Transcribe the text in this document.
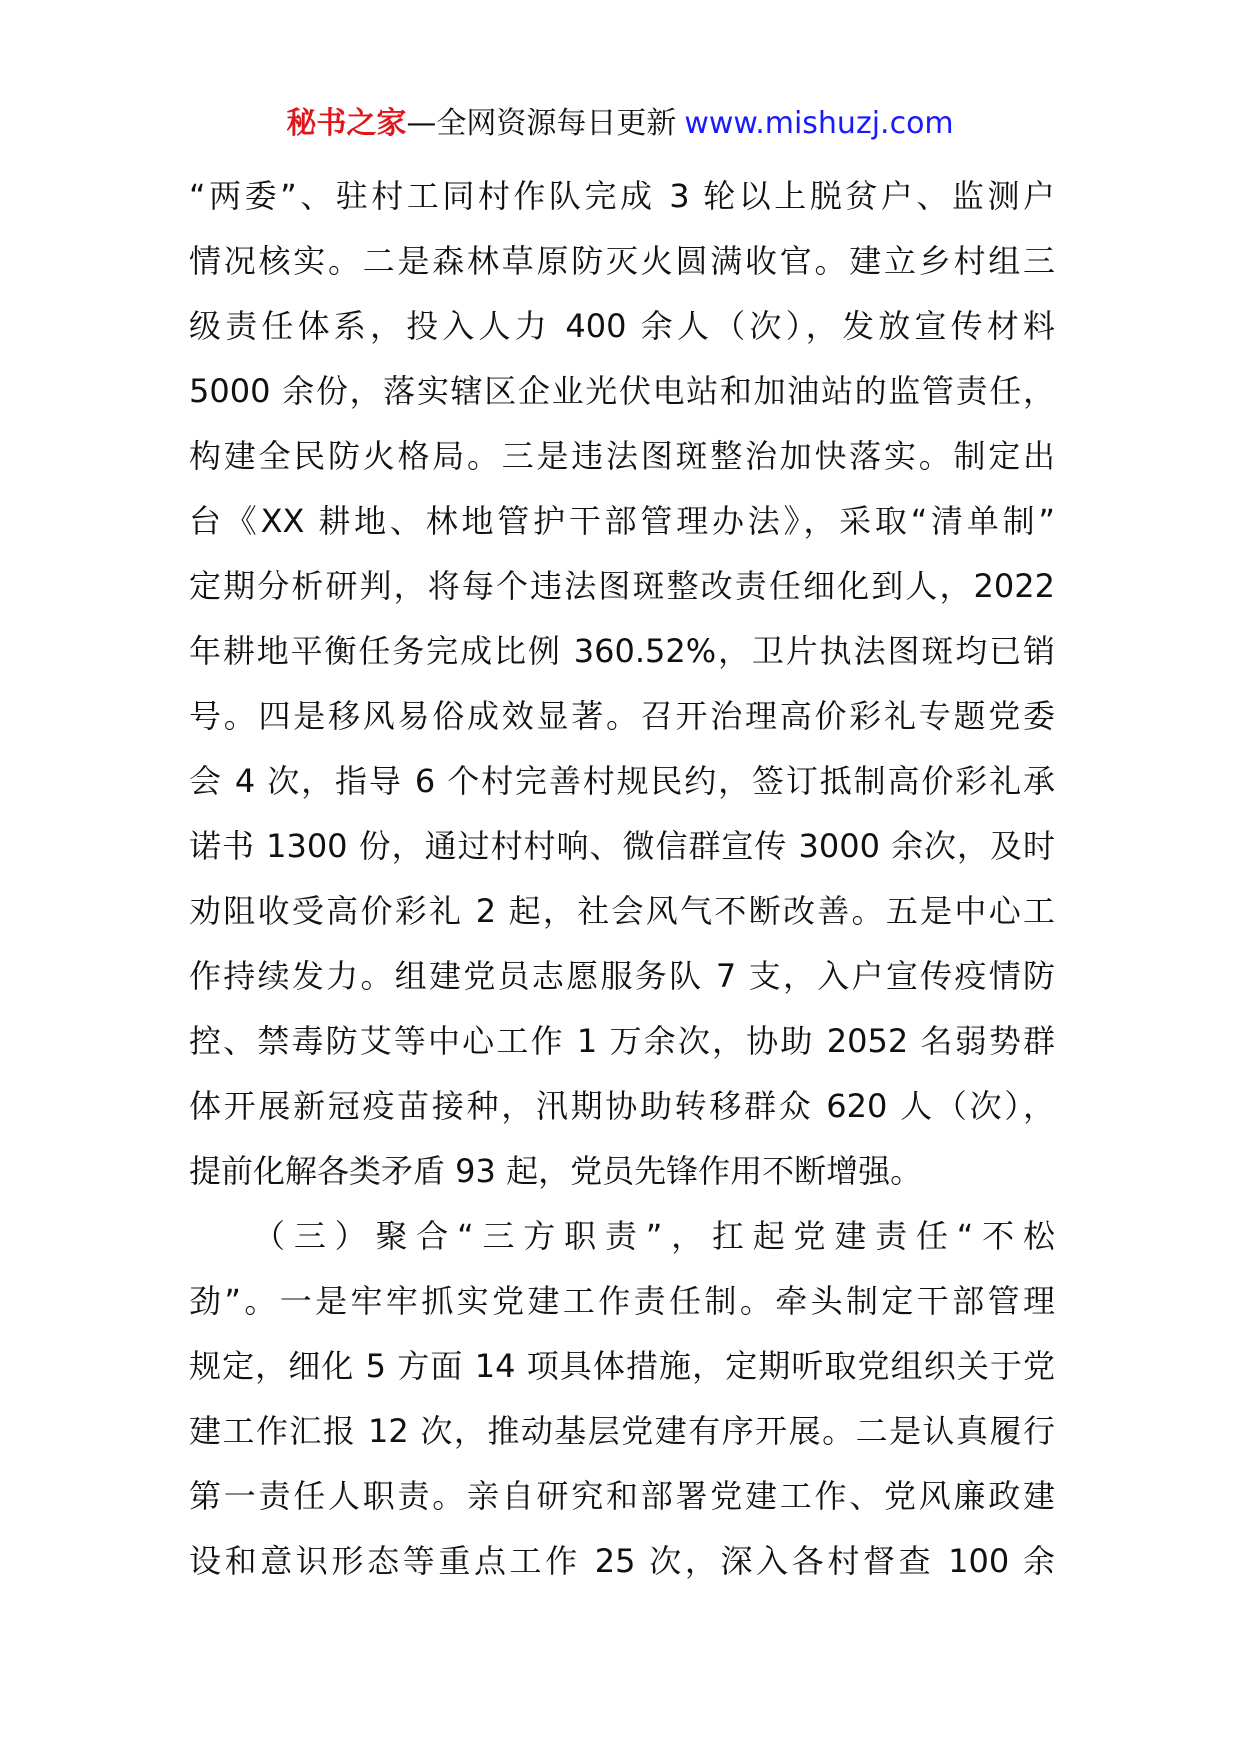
秘书之家—全网资源每日更新 www.mishuzj.com
“两委”、驻村工同村作队完成 3 轮以上脱贫户、监测户
情况核实。二是森林草原防灭火圆满收官。建立乡村组三
级责任体系，投入人力 400 余人（次），发放宣传材料
5000 余份，落实辖区企业光伏电站和加油站的监管责任，
构建全民防火格局。三是违法图斑整治加快落实。制定出
台《XX 耕地、林地管护干部管理办法》，采取“清单制”
定期分析研判，将每个违法图斑整改责任细化到人，2022
年耕地平衡任务完成比例 360.52%，卫片执法图斑均已销
号。四是移风易俗成效显著。召开治理高价彩礼专题党委
会 4 次，指导 6 个村完善村规民约，签订抵制高价彩礼承
诺书 1300 份，通过村村响、微信群宣传 3000 余次，及时
劝阻收受高价彩礼 2 起，社会风气不断改善。五是中心工
作持续发力。组建党员志愿服务队 7 支，入户宣传疫情防
控、禁毒防艾等中心工作 1 万余次，协助 2052 名弱势群
体开展新冠疫苗接种，汛期协助转移群众 620 人（次），
提前化解各类矛盾 93 起，党员先锋作用不断增强。
（三）聚合“三方职责”，扛起党建责任“不松
劲”。一是牢牢抓实党建工作责任制。牵头制定干部管理
规定，细化 5 方面 14 项具体措施，定期听取党组织关于党
建工作汇报 12 次，推动基层党建有序开展。二是认真履行
第一责任人职责。亲自研究和部署党建工作、党风廉政建
设和意识形态等重点工作 25 次，深入各村督查 100 余
